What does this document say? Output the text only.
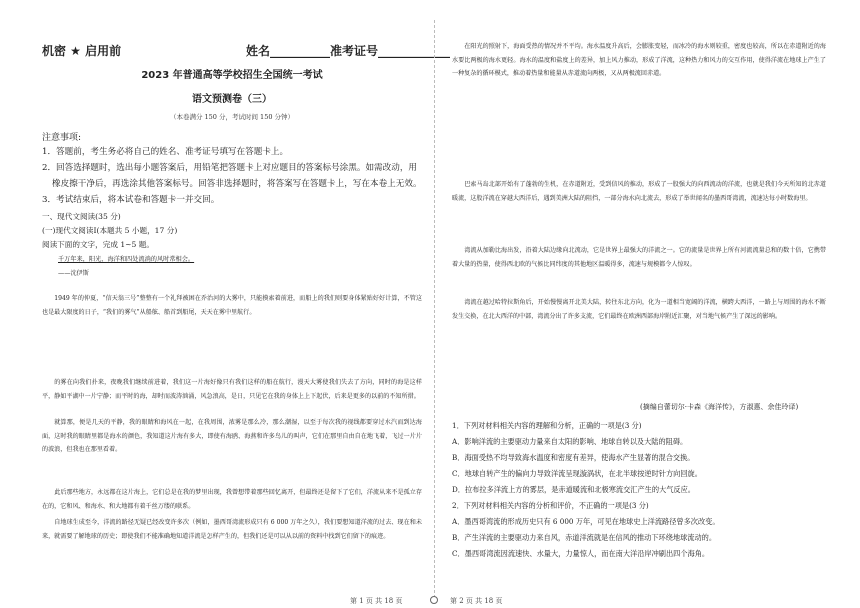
机密 ★ 启用前	姓名__________准考证号____________
2023 年普通高等学校招生全国统一考试
语文预测卷（三）
（本卷满分 150 分，考试时间 150 分钟）
注意事项:
1．答题前，考生务必将自己的姓名、准考证号填写在答题卡上。
2．回答选择题时，选出每小题答案后，用铅笔把答题卡上对应题目的答案标号涂黑。如需改动，用
橡皮擦干净后，再选涂其他答案标号。回答非选择题时，将答案写在答题卡上，写在本卷上无效。
3．考试结束后，将本试卷和答题卡一并交回。
一、现代文阅读(35 分)
(一)现代文阅读Ⅰ(本题共 5 小题，17 分)
阅读下面的文字，完成 1~5 题。
千万年来，阳光、海洋和四处流淌的风时常相会。
——沈伊斯

1949 年的仲夏，“信天翁三号”整整有一个礼拜被困在乔治河的大雾中，只能摸索着前进，而船上的我们则要身体紧贴好好计算，不管这也是最大限度的日子，“我们的雾气”从船舷、船首到船尾，天天在雾中里航行。

的雾在向我们扑来，夜晚我们继续前进着，我们这一片海好像只有我们这样的船在航行，漫天大雾使我们失去了方向，同时的海是这样平，静如平湖中一片宁静；而平时的海，却时而波涛汹涌，风急浪高，是日，只见它在我的身体上上下起伏，后来是更多的以前的不知所措。

就算那，便是几天的平静，我的眼睛和海风在一起，在我周围，浓雾是那么冷，那么潮湿，以至于每次我的视线都要穿过水汽而到达海面，这时我的眼睛里都是海水的颜色，我知道这片海有多大，即使有海鸥、海燕和许多鸟儿的叫声，它们在那里自由自在地飞着，飞过一片片的波浪，但我也在那里看着。

此后那些地方，永远都在这片海上，它们总是在我的梦里出现，我曾想带着那些回忆离开，但最终还是留下了它们，洋流从来不是孤立存在的，它和风、和海水、和大地都有着千丝万缕的联系。

自地球生成至今，洋流的路径无疑已经改变许多次（例如，墨西哥湾流形成只有 6 000 万年之久），我们要想知道洋流的过去、现在和未来，就需要了解地球的历史；即使我们不能准确地知道洋流是怎样产生的，但我们还是可以从以前的资料中找到它们留下的痕迹。

在阳光的照射下，海面受热的情况并不平均。海水温度升高后，会膨胀变轻，而冰冷的海水则较重，密度也较高，所以在赤道附近的海水要比两极的海水更轻。海水的温度和盐度上的差异，加上风力推动，形成了洋流，这种热力和风力的交互作用，使得洋流在地球上产生了一种复杂的循环模式，推动着热量和能量从赤道流向两极，又从两极流回赤道。

巴索马岛北部开始有了蓬勃的生机，在赤道附近，受到信风的推动，形成了一股强大的向西流动的洋流，也就是我们今天所知的北赤道暖流，这股洋流在穿越大西洋后，遇到美洲大陆的阻挡，一部分海水向北流去，形成了举世闻名的墨西哥湾流，流速达每小时数海里。

湾流从加勒比海出发，沿着大陆边缘向北流动，它是世界上最强大的洋流之一。它的流量是世界上所有河流流量总和的数十倍，它携带着大量的热量，使得西北欧的气候比同纬度的其他地区温暖得多，流速与规模都令人惊叹。

湾流在越过哈特拉斯角后，开始慢慢离开北美大陆，转往东北方向，化为一道相当宽阔的洋流，横跨大西洋，一路上与周围的海水不断发生交换，在北大西洋的中部，湾流分出了许多支流，它们最终在欧洲西部海岸附近汇聚，对当地气候产生了深远的影响。

(摘编自蕾切尔·卡森《海洋传》，方淑惠、余佳玲译)
1．下列对材料相关内容的理解和分析，正确的一项是(3 分)
A．影响洋流的主要驱动力量来自太阳的影响、地球自转以及大陆的阻碍。
B．海面受热不均导致海水温度和密度有差异，使海水产生显著的混合交换。
C．地球自转产生的偏向力导致洋流呈现漩涡状，在北半球按逆时针方向回旋。
D．拉布拉多洋流上方的雾层，是赤道暖流和北极寒流交汇产生的大气反应。
2．下列对材料相关内容的分析和评价，不正确的一项是(3 分)
A．墨西哥湾流的形成历史只有 6 000 万年，可见在地球史上洋流路径曾多次改变。
B．产生洋流的主要驱动力来自风，赤道洋流就是在信风的推动下环绕地球流动的。
C．墨西哥湾流因流速快、水量大，力量惊人，而在南大洋沿岸冲刷出四个海角。
第 1 页 共 18 页	第 2 页 共 18 页
